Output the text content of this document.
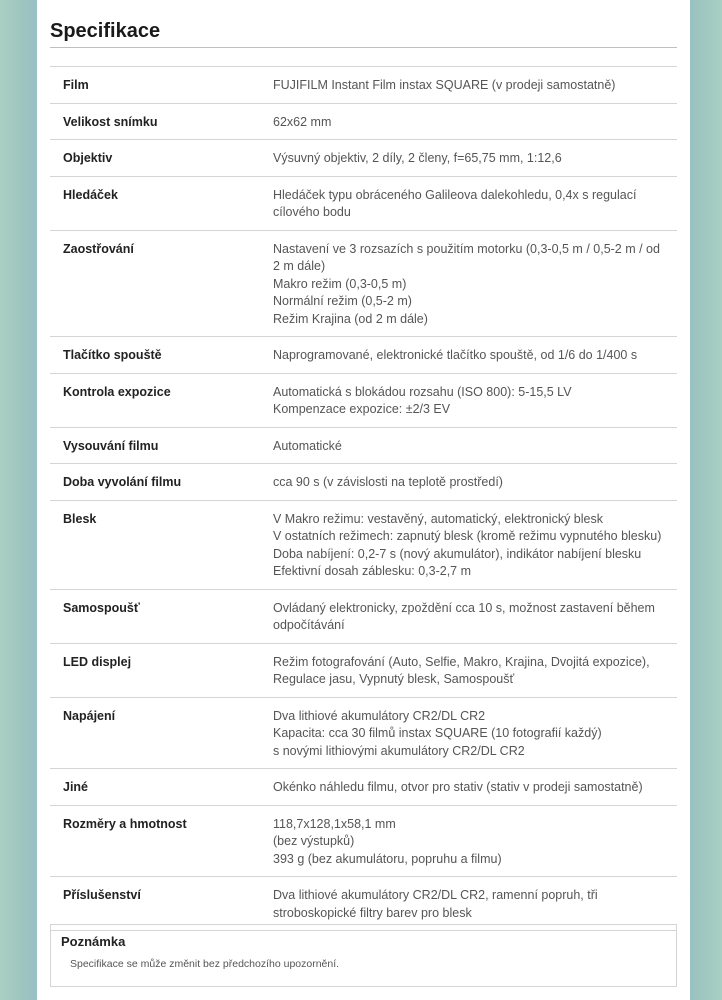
Specifikace
Film	FUJIFILM Instant Film instax SQUARE (v prodeji samostatně)

Velikost snímku	62x62 mm

Objektiv	Výsuvný objektiv, 2 díly, 2 členy, f=65,75 mm, 1:12,6

Hledáček	Hledáček typu obráceného Galileova dalekohledu, 0,4x s regulací cílového bodu

Zaostřování	Nastavení ve 3 rozsazích s použitím motorku (0,3-0,5 m / 0,5-2 m / od 2 m dále)
Makro režim (0,3-0,5 m)
Normální režim (0,5-2 m)
Režim Krajina (od 2 m dále)

Tlačítko spouště	Naprogramované, elektronické tlačítko spouště, od 1/6 do 1/400 s

Kontrola expozice	Automatická s blokádou rozsahu (ISO 800): 5-15,5 LV
Kompenzace expozice: ±2/3 EV

Vysouvání filmu	Automatické

Doba vyvolání filmu	cca 90 s (v závislosti na teplotě prostředí)

Blesk	V Makro režimu: vestavěný, automatický, elektronický blesk
V ostatních režimech: zapnutý blesk (kromě režimu vypnutého blesku)
Doba nabíjení: 0,2-7 s (nový akumulátor), indikátor nabíjení blesku
Efektivní dosah záblesku: 0,3-2,7 m

Samospoušť	Ovládaný elektronicky, zpoždění cca 10 s, možnost zastavení během odpočítávání

LED displej	Režim fotografování (Auto, Selfie, Makro, Krajina, Dvojitá expozice), Regulace jasu, Vypnutý blesk, Samospoušť

Napájení	Dva lithiové akumulátory CR2/DL CR2
Kapacita: cca 30 filmů instax SQUARE (10 fotografií každý)
s novými lithiovými akumulátory CR2/DL CR2

Jiné	Okénko náhledu filmu, otvor pro stativ (stativ v prodeji samostatně)

Rozměry a hmotnost	118,7x128,1x58,1 mm
(bez výstupků)
393 g (bez akumulátoru, popruhu a filmu)

Příslušenství	Dva lithiové akumulátory CR2/DL CR2, ramenní popruh, tři stroboskopické filtry barev pro blesk
Poznámka
Specifikace se může změnit bez předchozího upozornění.
